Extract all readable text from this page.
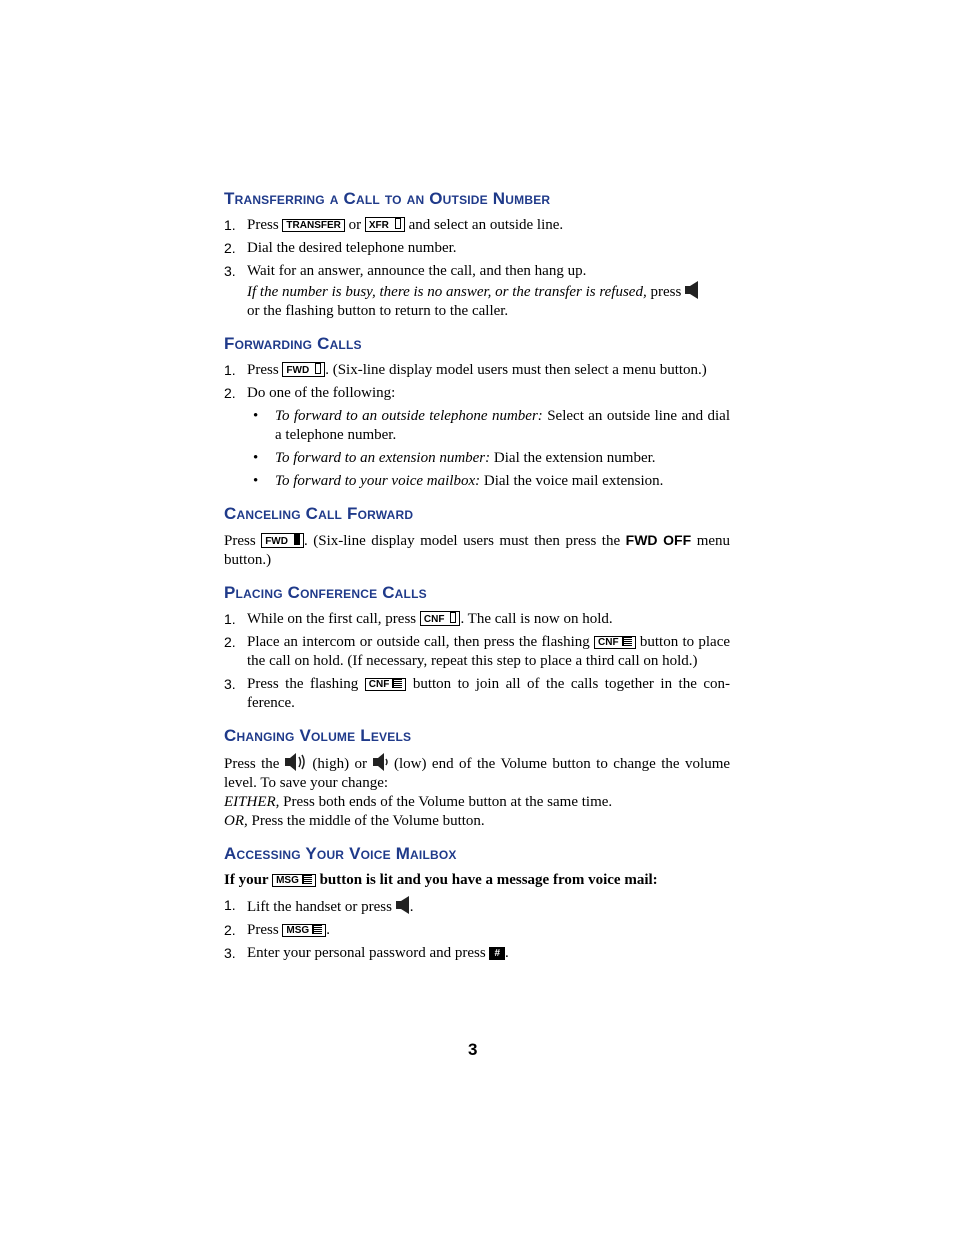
Transferring a Call to an Outside Number
1. Press TRANSFER or XFR and select an outside line.
2. Dial the desired telephone number.
3. Wait for an answer, announce the call, and then hang up.
If the number is busy, there is no answer, or the transfer is refused, press
or the flashing button to return to the caller.
Forwarding Calls
1. Press FWD . (Six-line display model users must then select a menu button.)
2. Do one of the following:
• To forward to an outside telephone number: Select an outside line and dial a telephone number.
• To forward to an extension number: Dial the extension number.
• To forward to your voice mailbox: Dial the voice mail extension.
Canceling Call Forward

Press FWD . (Six-line display model users must then press the FWD OFF menu button.)

Placing Conference Calls
1. While on the first call, press CNF . The call is now on hold.
2. Place an intercom or outside call, then press the flashing CNF button to place the call on hold. (If necessary, repeat this step to place a third call on hold.)
3. Press the flashing CNF button to join all of the calls together in the con-ference.
Changing Volume Levels

Press the (high) or (low) end of the Volume button to change the volume level. To save your change:

EITHER, Press both ends of the Volume button at the same time.

OR, Press the middle of the Volume button.

Accessing Your Voice Mailbox

If your MSG button is lit and you have a message from voice mail:

1. Lift the handset or press .
2. Press MSG .
3. Enter your personal password and press # .
3
